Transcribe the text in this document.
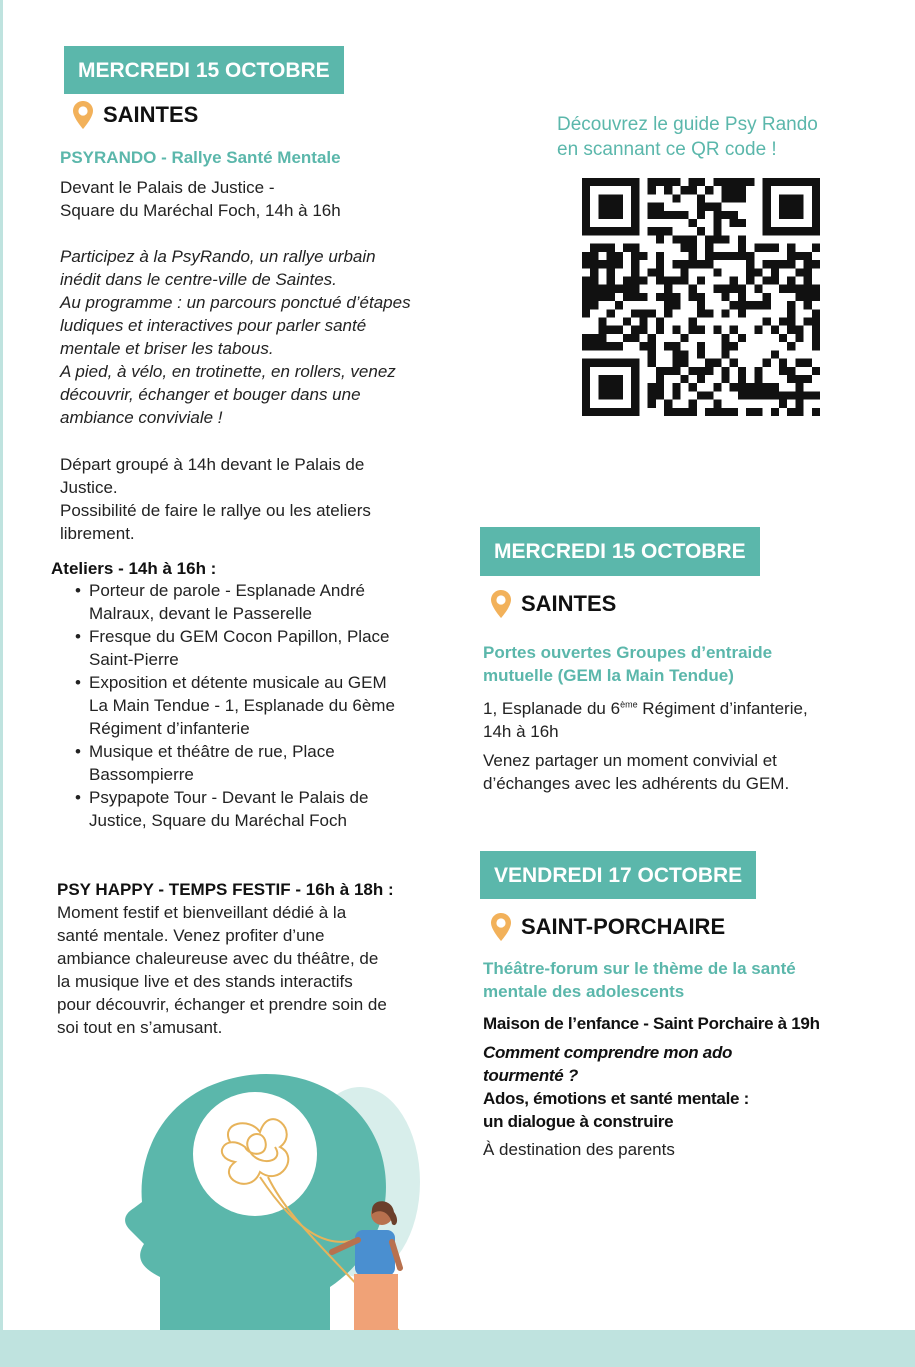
MERCREDI 15 OCTOBRE
SAINTES
PSYRANDO - Rallye Santé Mentale
Devant le Palais de Justice -
Square du Maréchal Foch, 14h à 16h
Participez à la PsyRando, un rallye urbain
inédit dans le centre-ville de Saintes.
Au programme : un parcours ponctué d’étapes
ludiques et interactives pour parler santé
mentale et briser les tabous.
A pied, à vélo, en trotinette, en rollers, venez
découvrir, échanger et bouger dans une
ambiance conviviale !
Départ groupé à 14h devant le Palais de
Justice.
Possibilité de faire le rallye ou les ateliers
librement.
Ateliers - 14h à 16h :
• Porteur de parole - Esplanade André
Malraux, devant le Passerelle
• Fresque du GEM Cocon Papillon, Place
Saint-Pierre
• Exposition et détente musicale au GEM
La Main Tendue - 1, Esplanade du 6ème
Régiment d’infanterie
• Musique et théâtre de rue, Place
Bassompierre
• Psypapote Tour - Devant le Palais de
Justice, Square du Maréchal Foch
PSY HAPPY - TEMPS FESTIF - 16h à 18h :
Moment festif et bienveillant dédié à la
santé mentale. Venez profiter d’une
ambiance chaleureuse avec du théâtre, de
la musique live et des stands interactifs
pour découvrir, échanger et prendre soin de
soi tout en s’amusant.
Découvrez le guide Psy Rando
en scannant ce QR code !
MERCREDI 15 OCTOBRE
SAINTES
Portes ouvertes Groupes d’entraide
mutuelle (GEM la Main Tendue)
1, Esplanade du 6ème Régiment d’infanterie,
14h à 16h
Venez partager un moment convivial et
d’échanges avec les adhérents du GEM.
VENDREDI 17 OCTOBRE
SAINT-PORCHAIRE
Théâtre-forum sur le thème de la santé
mentale des adolescents
Maison de l’enfance - Saint Porchaire à 19h
Comment comprendre mon ado
tourmenté ?
Ados, émotions et santé mentale :
un dialogue à construire
À destination des parents
